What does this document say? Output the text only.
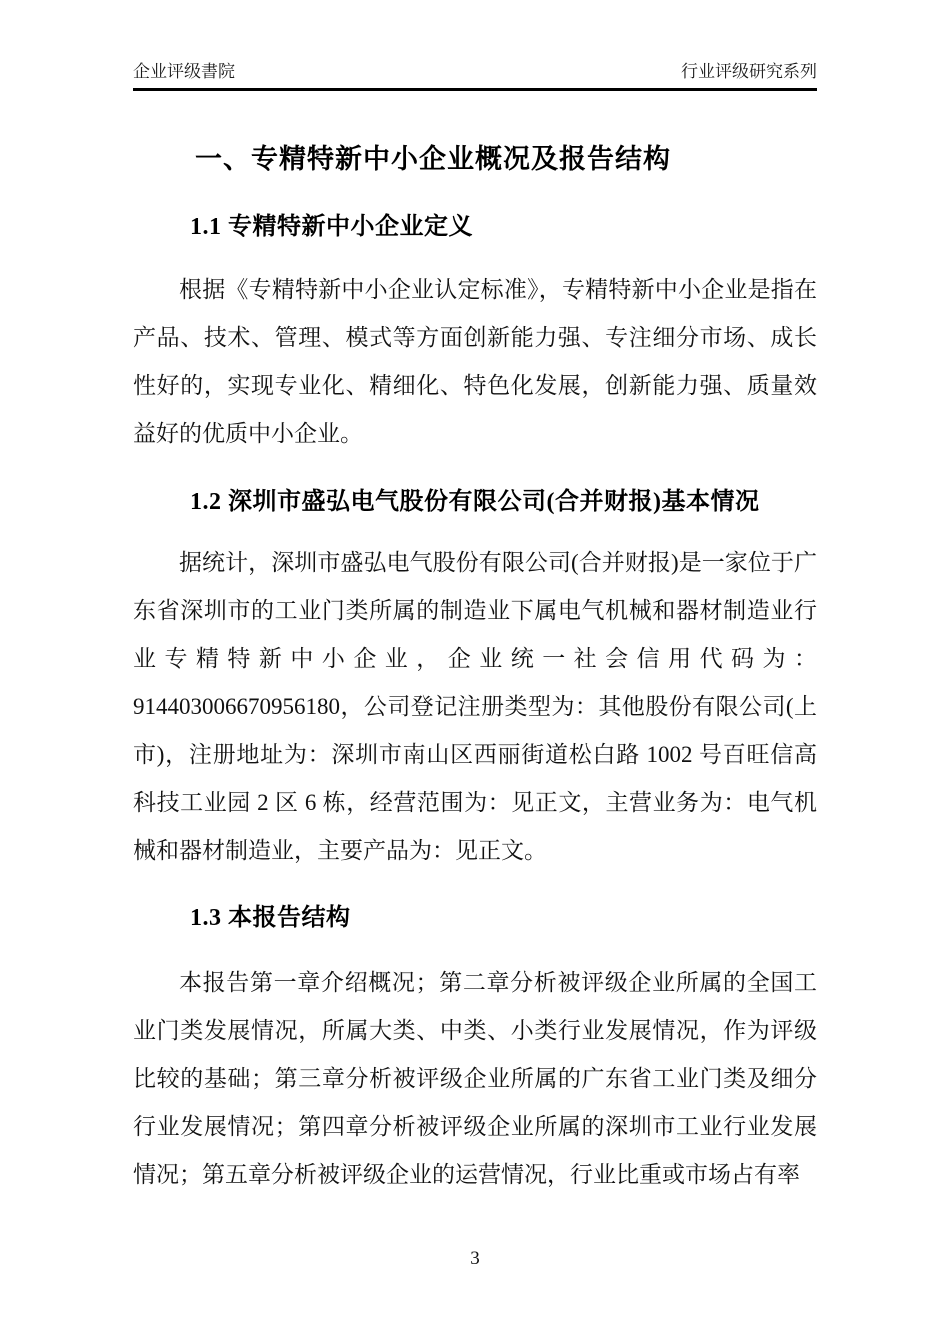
企业评级書院	行业评级研究系列
一、专精特新中小企业概况及报告结构
1.1 专精特新中小企业定义

根据《专精特新中小企业认定标准》，专精特新中小企业是指在产品、技术、管理、模式等方面创新能力强、专注细分市场、成长性好的，实现专业化、精细化、特色化发展，创新能力强、质量效益好的优质中小企业。

1.2 深圳市盛弘电气股份有限公司(合并财报)基本情况

据统计，深圳市盛弘电气股份有限公司(合并财报)是一家位于广东省深圳市的工业门类所属的制造业下属电气机械和器材制造业行业专精特新中小企业，企业统一社会信用代码为：914403006670956180，公司登记注册类型为：其他股份有限公司(上市)，注册地址为：深圳市南山区西丽街道松白路 1002 号百旺信高科技工业园 2 区 6 栋，经营范围为：见正文，主营业务为：电气机械和器材制造业，主要产品为：见正文。

1.3 本报告结构

本报告第一章介绍概况；第二章分析被评级企业所属的全国工业门类发展情况，所属大类、中类、小类行业发展情况，作为评级比较的基础；第三章分析被评级企业所属的广东省工业门类及细分行业发展情况；第四章分析被评级企业所属的深圳市工业行业发展情况；第五章分析被评级企业的运营情况，行业比重或市场占有率

3
